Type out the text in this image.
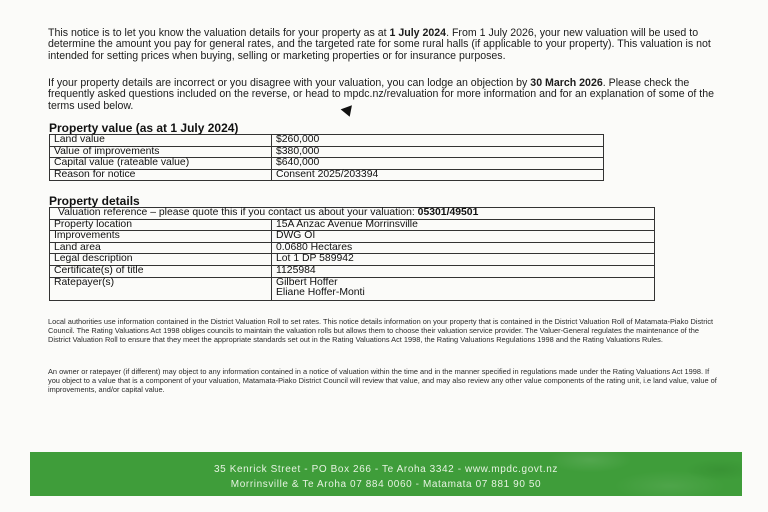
This notice is to let you know the valuation details for your property as at 1 July 2024. From 1 July 2026, your new valuation will be used to determine the amount you pay for general rates, and the targeted rate for some rural halls (if applicable to your property). This valuation is not intended for setting prices when buying, selling or marketing properties or for insurance purposes.

If your property details are incorrect or you disagree with your valuation, you can lodge an objection by 30 March 2026. Please check the frequently asked questions included on the reverse, or head to mpdc.nz/revaluation for more information and for an explanation of some of the terms used below.

Property value (as at 1 July 2024)
Land value	$260,000
Value of improvements	$380,000
Capital value (rateable value)	$640,000
Reason for notice	Consent 2025/203394
Property details
Valuation reference – please quote this if you contact us about your valuation: 05301/49501	
Property location	15A Anzac Avenue Morrinsville
Improvements	DWG OI
Land area	0.0680 Hectares
Legal description	Lot 1 DP 589942
Certificate(s) of title	1125984
Ratepayer(s)	Gilbert Hoffer
Eliane Hoffer-Monti

Local authorities use information contained in the District Valuation Roll to set rates. This notice details information on your property that is contained in the District Valuation Roll of Matamata-Piako District Council. The Rating Valuations Act 1998 obliges councils to maintain the valuation rolls but allows them to choose their valuation service provider. The Valuer-General regulates the maintenance of the District Valuation Roll to ensure that they meet the appropriate standards set out in the Rating Valuations Act 1998, the Rating Valuations Regulations 1998 and the Rating Valuations Rules.

An owner or ratepayer (if different) may object to any information contained in a notice of valuation within the time and in the manner specified in regulations made under the Rating Valuations Act 1998. If you object to a value that is a component of your valuation, Matamata-Piako District Council will review that value, and may also review any other value components of the rating unit, i.e land value, value of improvements, and/or capital value.

35 Kenrick Street - PO Box 266 - Te Aroha 3342 - www.mpdc.govt.nz
Morrinsville & Te Aroha 07 884 0060 - Matamata 07 881 90 50
